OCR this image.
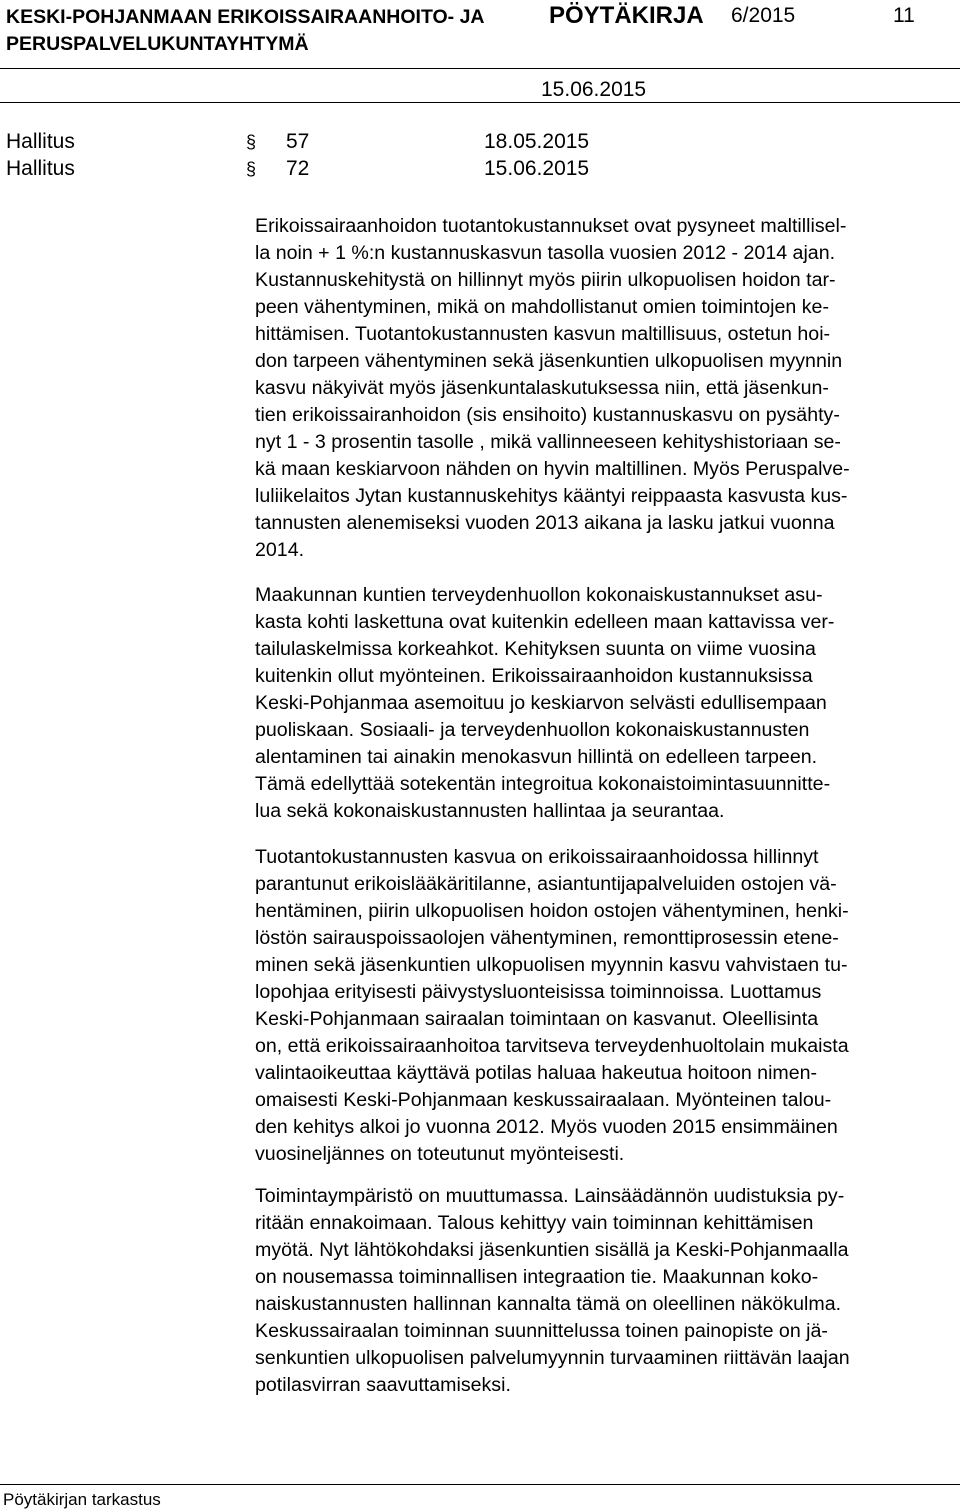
KESKI-POHJANMAAN ERIKOISSAIRAANHOITO- JA
PERUSPALVELUKUNTAYHTYMÄ
PÖYTÄKIRJA 6/2015	11
15.06.2015
Hallitus	§ 57	18.05.2015
Hallitus	§ 72	15.06.2015

Erikoissairaanhoidon tuotantokustannukset ovat pysyneet maltillisel-
la noin + 1 %:n kustannuskasvun tasolla vuosien 2012 - 2014 ajan.
Kustannuskehitystä on hillinnyt myös piirin ulkopuolisen hoidon tar-
peen vähentyminen, mikä on mahdollistanut omien toimintojen ke-
hittämisen. Tuotantokustannusten kasvun maltillisuus, ostetun hoi-
don tarpeen vähentyminen sekä jäsenkuntien ulkopuolisen myynnin
kasvu näkyivät myös jäsenkuntalaskutuksessa niin, että jäsenkun-
tien erikoissairanhoidon (sis ensihoito) kustannuskasvu on pysähty-
nyt 1 - 3 prosentin tasolle , mikä vallinneeseen kehityshistoriaan se-
kä maan keskiarvoon nähden on hyvin maltillinen. Myös Peruspalve-
luliikelaitos Jytan kustannuskehitys kääntyi reippaasta kasvusta kus-
tannusten alenemiseksi vuoden 2013 aikana ja lasku jatkui vuonna
2014.

Maakunnan kuntien terveydenhuollon kokonaiskustannukset asu-
kasta kohti laskettuna ovat kuitenkin edelleen maan kattavissa ver-
tailulaskelmissa korkeahkot. Kehityksen suunta on viime vuosina
kuitenkin ollut myönteinen. Erikoissairaanhoidon kustannuksissa
Keski-Pohjanmaa asemoituu jo keskiarvon selvästi edullisempaan
puoliskaan. Sosiaali- ja terveydenhuollon kokonaiskustannusten
alentaminen tai ainakin menokasvun hillintä on edelleen tarpeen.
Tämä edellyttää sotekentän integroitua kokonaistoimintasuunnitte-
lua sekä kokonaiskustannusten hallintaa ja seurantaa.

Tuotantokustannusten kasvua on erikoissairaanhoidossa hillinnyt
parantunut erikoislääkäritilanne, asiantuntijapalveluiden ostojen vä-
hentäminen, piirin ulkopuolisen hoidon ostojen vähentyminen, henki-
löstön sairauspoissaolojen vähentyminen, remonttiprosessin etene-
minen sekä jäsenkuntien ulkopuolisen myynnin kasvu vahvistaen tu-
lopohjaa erityisesti päivystysluonteisissa toiminnoissa. Luottamus
Keski-Pohjanmaan sairaalan toimintaan on kasvanut. Oleellisinta
on, että erikoissairaanhoitoa tarvitseva terveydenhuoltolain mukaista
valintaoikeuttaa käyttävä potilas haluaa hakeutua hoitoon nimen-
omaisesti Keski-Pohjanmaan keskussairaalaan. Myönteinen talou-
den kehitys alkoi jo vuonna 2012. Myös vuoden 2015 ensimmäinen
vuosineljännes on toteutunut myönteisesti.

Toimintaympäristö on muuttumassa. Lainsäädännön uudistuksia py-
ritään ennakoimaan. Talous kehittyy vain toiminnan kehittämisen
myötä. Nyt lähtökohdaksi jäsenkuntien sisällä ja Keski-Pohjanmaalla
on nousemassa toiminnallisen integraation tie. Maakunnan koko-
naiskustannusten hallinnan kannalta tämä on oleellinen näkökulma.
Keskussairaalan toiminnan suunnittelussa toinen painopiste on jä-
senkuntien ulkopuolisen palvelumyynnin turvaaminen riittävän laajan
potilasvirran saavuttamiseksi.

Pöytäkirjan tarkastus
